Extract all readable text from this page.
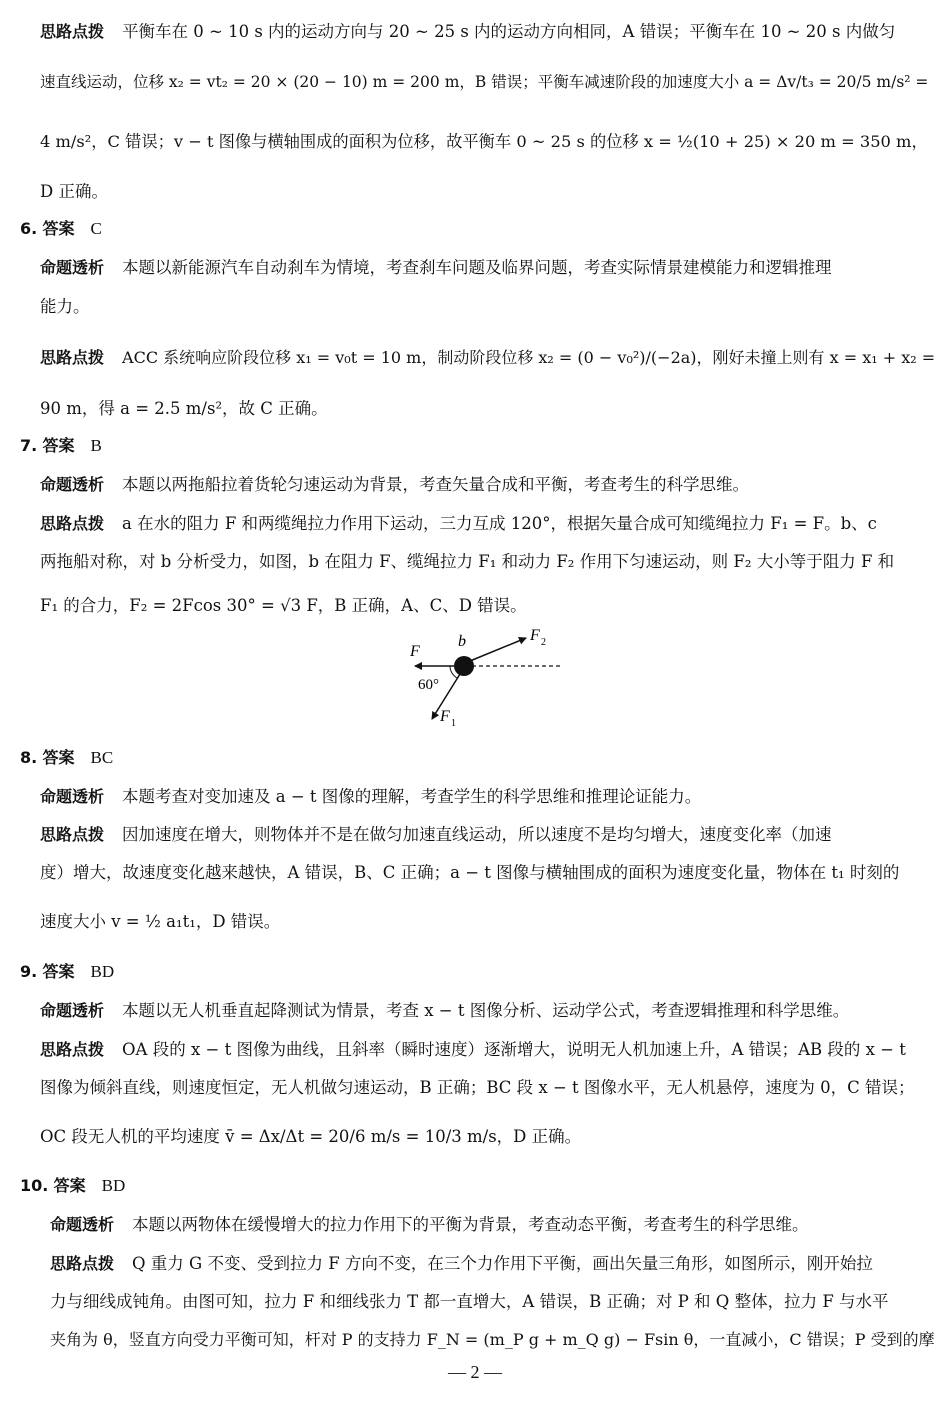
思路点拨 平衡车在 0 ~ 10 s 内的运动方向与 20 ~ 25 s 内的运动方向相同，A 错误；平衡车在 10 ~ 20 s 内做匀
速直线运动，位移 x₂ = vt₂ = 20 × (20 − 10) m = 200 m，B 错误；平衡车减速阶段的加速度大小 a = Δv/t₃ = 20/5 m/s² =
4 m/s²，C 错误；v − t 图像与横轴围成的面积为位移，故平衡车 0 ~ 25 s 的位移 x = ½(10 + 25) × 20 m = 350 m，
D 正确。
6. 答案 C
命题透析 本题以新能源汽车自动刹车为情境，考查刹车问题及临界问题，考查实际情景建模能力和逻辑推理
能力。
思路点拨 ACC 系统响应阶段位移 x₁ = v₀t = 10 m，制动阶段位移 x₂ = (0 − v₀²)/(−2a)，刚好未撞上则有 x = x₁ + x₂ =
90 m，得 a = 2.5 m/s²，故 C 正确。
7. 答案 B
命题透析 本题以两拖船拉着货轮匀速运动为背景，考查矢量合成和平衡，考查考生的科学思维。
思路点拨 a 在水的阻力 F 和两缆绳拉力作用下运动，三力互成 120°，根据矢量合成可知缆绳拉力 F₁ = F。b、c
两拖船对称，对 b 分析受力，如图，b 在阻力 F、缆绳拉力 F₁ 和动力 F₂ 作用下匀速运动，则 F₂ 大小等于阻力 F 和
F₁ 的合力，F₂ = 2Fcos 30° = √3 F，B 正确，A、C、D 错误。
F
b	F 2
60°
F 1
8. 答案 BC
命题透析 本题考查对变加速及 a − t 图像的理解，考查学生的科学思维和推理论证能力。
思路点拨 因加速度在增大，则物体并不是在做匀加速直线运动，所以速度不是均匀增大，速度变化率（加速
度）增大，故速度变化越来越快，A 错误，B、C 正确；a − t 图像与横轴围成的面积为速度变化量，物体在 t₁ 时刻的
速度大小 v = ½ a₁t₁，D 错误。
9. 答案 BD
命题透析 本题以无人机垂直起降测试为情景，考查 x − t 图像分析、运动学公式，考查逻辑推理和科学思维。
思路点拨 OA 段的 x − t 图像为曲线，且斜率（瞬时速度）逐渐增大，说明无人机加速上升，A 错误；AB 段的 x − t
图像为倾斜直线，则速度恒定，无人机做匀速运动，B 正确；BC 段 x − t 图像水平，无人机悬停，速度为 0，C 错误；
OC 段无人机的平均速度 v̄ = Δx/Δt = 20/6 m/s = 10/3 m/s，D 正确。
10. 答案 BD
命题透析 本题以两物体在缓慢增大的拉力作用下的平衡为背景，考查动态平衡，考查考生的科学思维。
思路点拨 Q 重力 G 不变、受到拉力 F 方向不变，在三个力作用下平衡，画出矢量三角形，如图所示，刚开始拉
力与细线成钝角。由图可知，拉力 F 和细线张力 T 都一直增大，A 错误，B 正确；对 P 和 Q 整体，拉力 F 与水平
夹角为 θ，竖直方向受力平衡可知，杆对 P 的支持力 F_N = (m_P g + m_Q g) − Fsin θ，一直减小，C 错误；P 受到的摩
— 2 —
